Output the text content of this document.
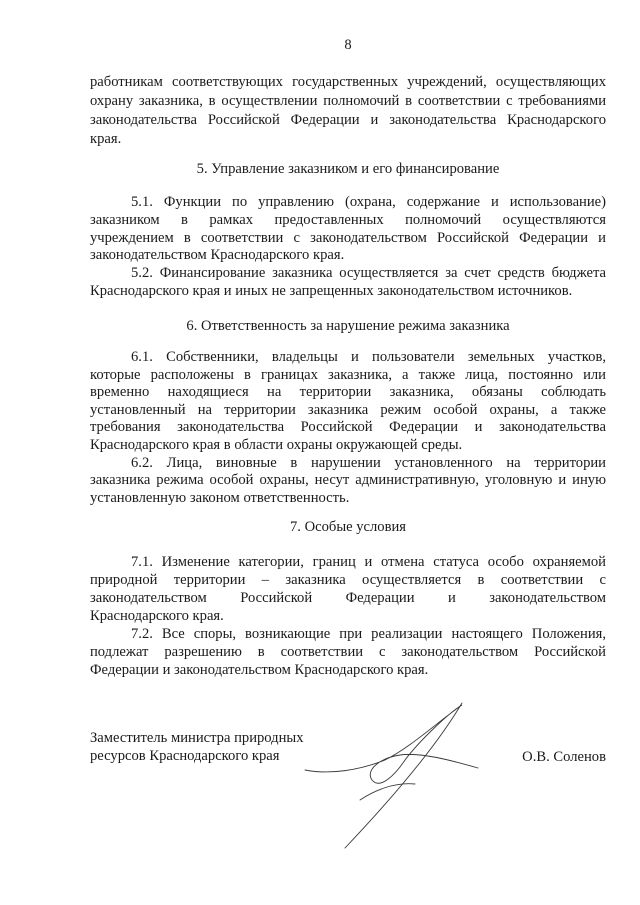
8
работникам соответствующих государственных учреждений, осуществляющих
охрану заказника, в осуществлении полномочий в соответствии с требованиями
законодательства Российской Федерации и законодательства Краснодарского
края.
5. Управление заказником и его финансирование
5.1. Функции по управлению (охрана, содержание и использование)
заказником в рамках предоставленных полномочий осуществляются
учреждением в соответствии с законодательством Российской Федерации и
законодательством Краснодарского края.
5.2. Финансирование заказника осуществляется за счет средств бюджета
Краснодарского края и иных не запрещенных законодательством источников.
6. Ответственность за нарушение режима заказника
6.1. Собственники, владельцы и пользователи земельных участков,
которые расположены в границах заказника, а также лица, постоянно или
временно находящиеся на территории заказника, обязаны соблюдать
установленный на территории заказника режим особой охраны, а также
требования законодательства Российской Федерации и законодательства
Краснодарского края в области охраны окружающей среды.
6.2. Лица, виновные в нарушении установленного на территории
заказника режима особой охраны, несут административную, уголовную и иную
установленную законом ответственность.
7. Особые условия
7.1. Изменение категории, границ и отмена статуса особо охраняемой
природной территории – заказника осуществляется в соответствии с
законодательством Российской Федерации и законодательством
Краснодарского края.
7.2. Все споры, возникающие при реализации настоящего Положения,
подлежат разрешению в соответствии с законодательством Российской
Федерации и законодательством Краснодарского края.
Заместитель министра природных
ресурсов Краснодарского края	О.В. Соленов
